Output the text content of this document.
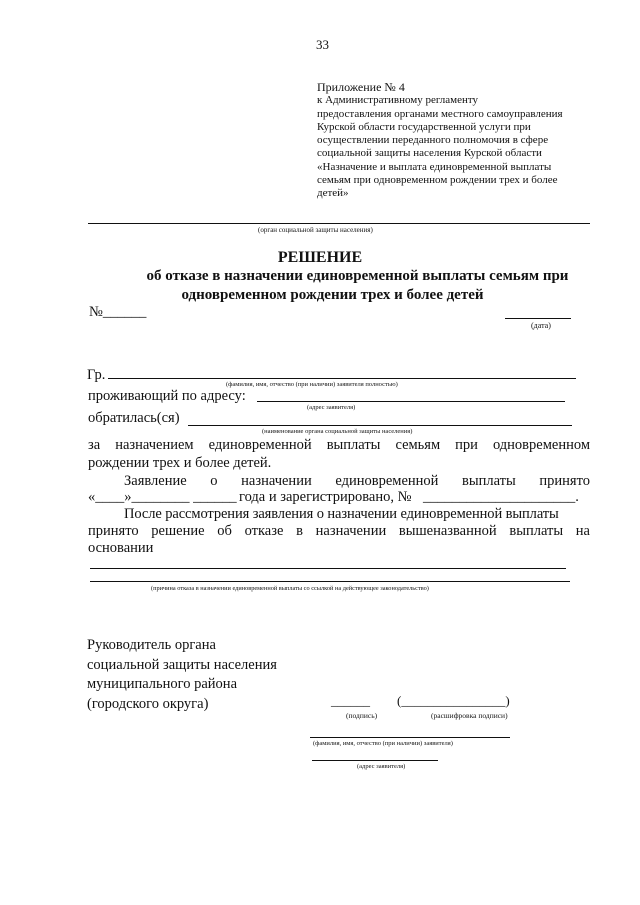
33
Приложение № 4
к Административному регламенту
предоставления органами местного самоуправления
Курской области государственной услуги при
осуществлении переданного полномочия в сфере
социальной защиты населения Курской области
«Назначение и выплата единовременной выплаты
семьям при одновременном рождении трех и более
детей»
(орган социальной защиты населения)
РЕШЕНИЕ
об отказе в назначении единовременной выплаты семьям при
одновременном рождении трех и более детей
№______
(дата)
Гр.
(фамилия, имя, отчество (при наличии) заявителя полностью)
проживающий по адресу:
(адрес заявителя)
обратилась(ся)
(наименование органа социальной защиты населения)
за назначением единовременной выплаты семьям при одновременном
рождении трех и более детей.
Заявление о назначении единовременной выплаты принято
«____»________ ______ года и зарегистрировано, № _____________________.
После рассмотрения заявления о назначении единовременной выплаты
принято решение об отказе в назначении вышеназванной выплаты на
основании
(причина отказа в назначении единовременной выплаты со ссылкой на действующее законодательство)
Руководитель органа
социальной защиты населения
муниципального района
(городского округа)	______ (________________)
(подпись)	(расшифровка подписи)
(фамилия, имя, отчество (при наличии) заявителя)
(адрес заявителя)
